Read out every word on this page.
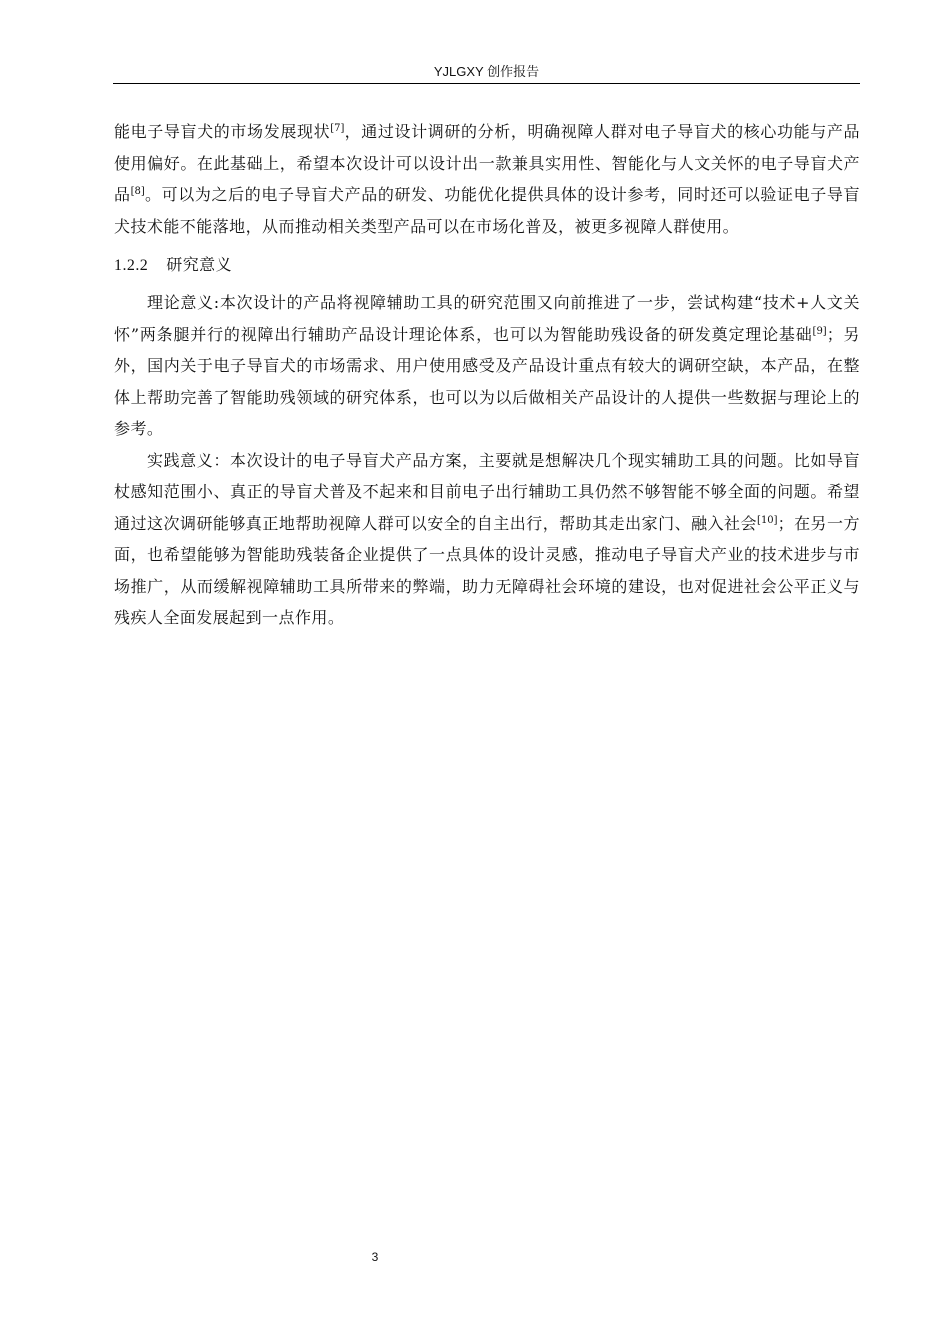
YJLGXY 创作报告

能电子导盲犬的市场发展现状[7]，通过设计调研的分析，明确视障人群对电子导盲犬的核心功能与产品使用偏好。在此基础上，希望本次设计可以设计出一款兼具实用性、智能化与人文关怀的电子导盲犬产品[8]。可以为之后的电子导盲犬产品的研发、功能优化提供具体的设计参考，同时还可以验证电子导盲犬技术能不能落地，从而推动相关类型产品可以在市场化普及，被更多视障人群使用。

1.2.2 研究意义

理论意义:本次设计的产品将视障辅助工具的研究范围又向前推进了一步，尝试构建“技术+人文关怀”两条腿并行的视障出行辅助产品设计理论体系，也可以为智能助残设备的研发奠定理论基础[9]；另外，国内关于电子导盲犬的市场需求、用户使用感受及产品设计重点有较大的调研空缺，本产品，在整体上帮助完善了智能助残领域的研究体系，也可以为以后做相关产品设计的人提供一些数据与理论上的参考。

实践意义：本次设计的电子导盲犬产品方案，主要就是想解决几个现实辅助工具的问题。比如导盲杖感知范围小、真正的导盲犬普及不起来和目前电子出行辅助工具仍然不够智能不够全面的问题。希望通过这次调研能够真正地帮助视障人群可以安全的自主出行，帮助其走出家门、融入社会[10]；在另一方面，也希望能够为智能助残装备企业提供了一点具体的设计灵感，推动电子导盲犬产业的技术进步与市场推广，从而缓解视障辅助工具所带来的弊端，助力无障碍社会环境的建设，也对促进社会公平正义与残疾人全面发展起到一点作用。

3
